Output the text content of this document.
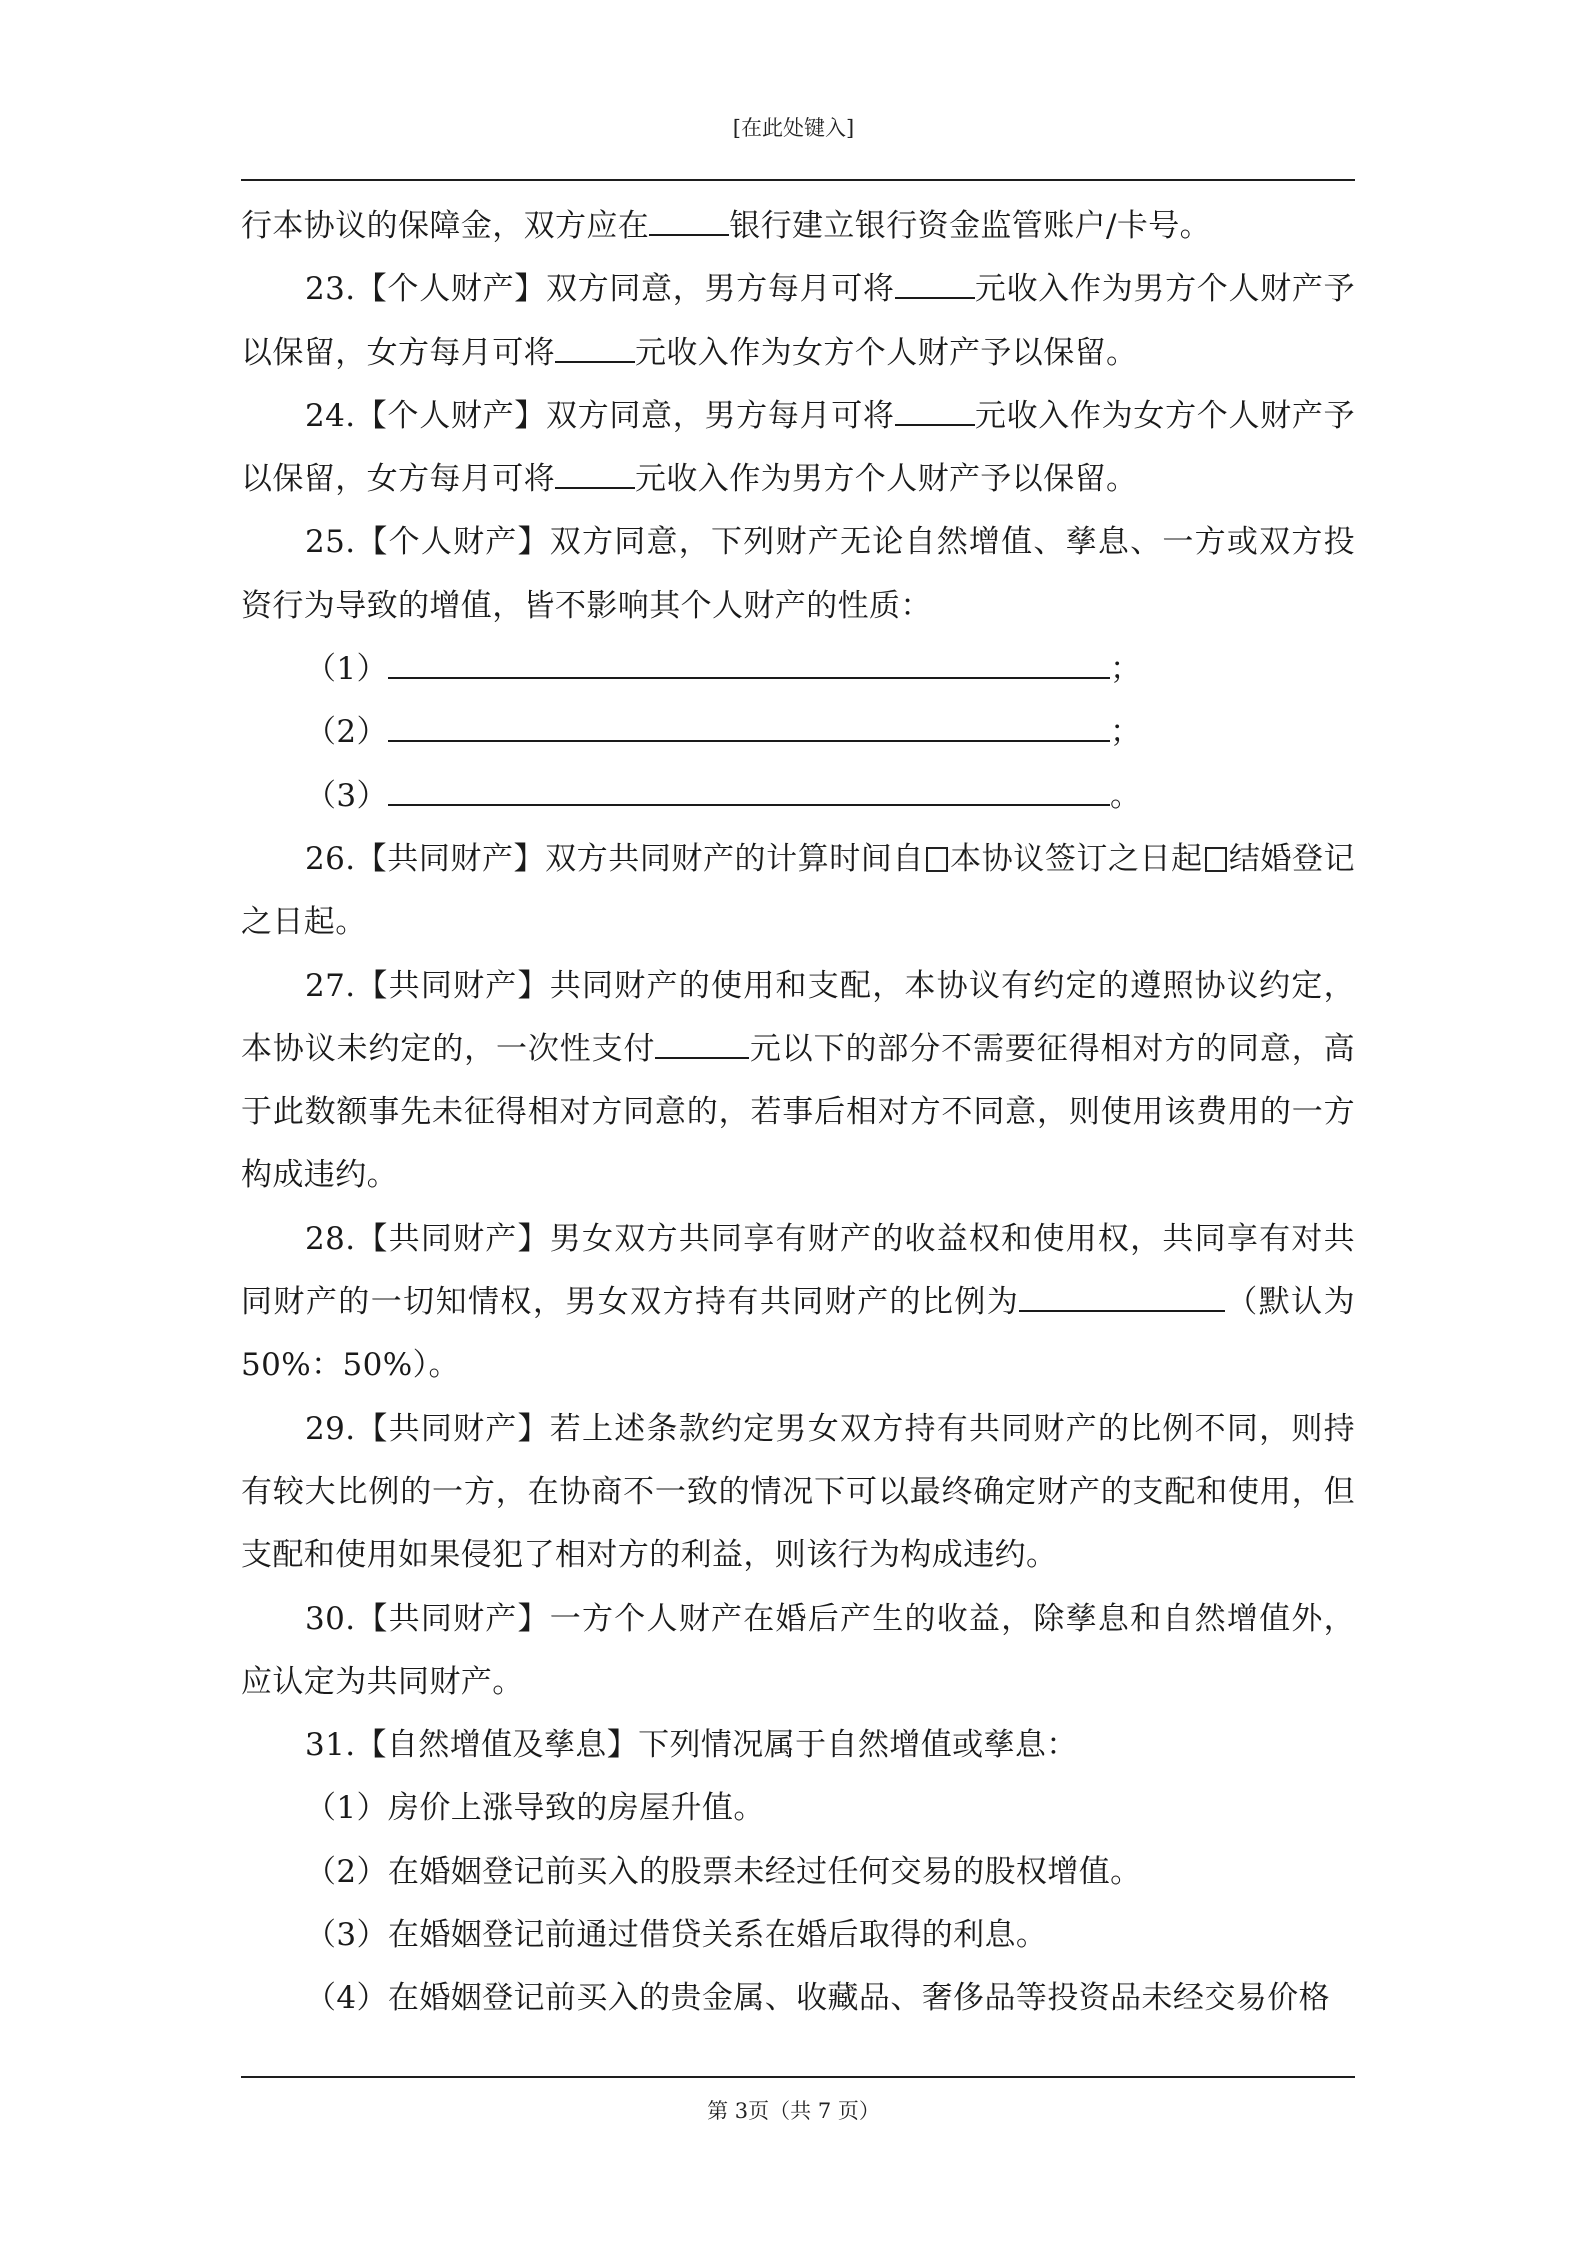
[在此处键入]

行本协议的保障金，双方应在	银行建立银行资金监管账户/卡号。

23.【个人财产】双方同意，男方每月可将	元收入作为男方个人财产予以保留，女方每月可将	元收入作为女方个人财产予以保留。

24.【个人财产】双方同意，男方每月可将	元收入作为女方个人财产予以保留，女方每月可将	元收入作为男方个人财产予以保留。

25.【个人财产】双方同意，下列财产无论自然增值、孳息、一方或双方投资行为导致的增值，皆不影响其个人财产的性质：

（1）	；

（2）	；

（3）	。

26.【共同财产】双方共同财产的计算时间自 本协议签订之日起 结婚登记之日起。

27.【共同财产】共同财产的使用和支配，本协议有约定的遵照协议约定，本协议未约定的，一次性支付	元以下的部分不需要征得相对方的同意，高于此数额事先未征得相对方同意的，若事后相对方不同意，则使用该费用的一方构成违约。

28.【共同财产】男女双方共同享有财产的收益权和使用权，共同享有对共同财产的一切知情权，男女双方持有共同财产的比例为	（默认为50%：50%）。

29.【共同财产】若上述条款约定男女双方持有共同财产的比例不同，则持有较大比例的一方，在协商不一致的情况下可以最终确定财产的支配和使用，但支配和使用如果侵犯了相对方的利益，则该行为构成违约。

30.【共同财产】一方个人财产在婚后产生的收益，除孳息和自然增值外，应认定为共同财产。

31.【自然增值及孳息】下列情况属于自然增值或孳息：

（1）房价上涨导致的房屋升值。

（2）在婚姻登记前买入的股票未经过任何交易的股权增值。

（3）在婚姻登记前通过借贷关系在婚后取得的利息。

（4）在婚姻登记前买入的贵金属、收藏品、奢侈品等投资品未经交易价格

第 3页（共 7 页）
